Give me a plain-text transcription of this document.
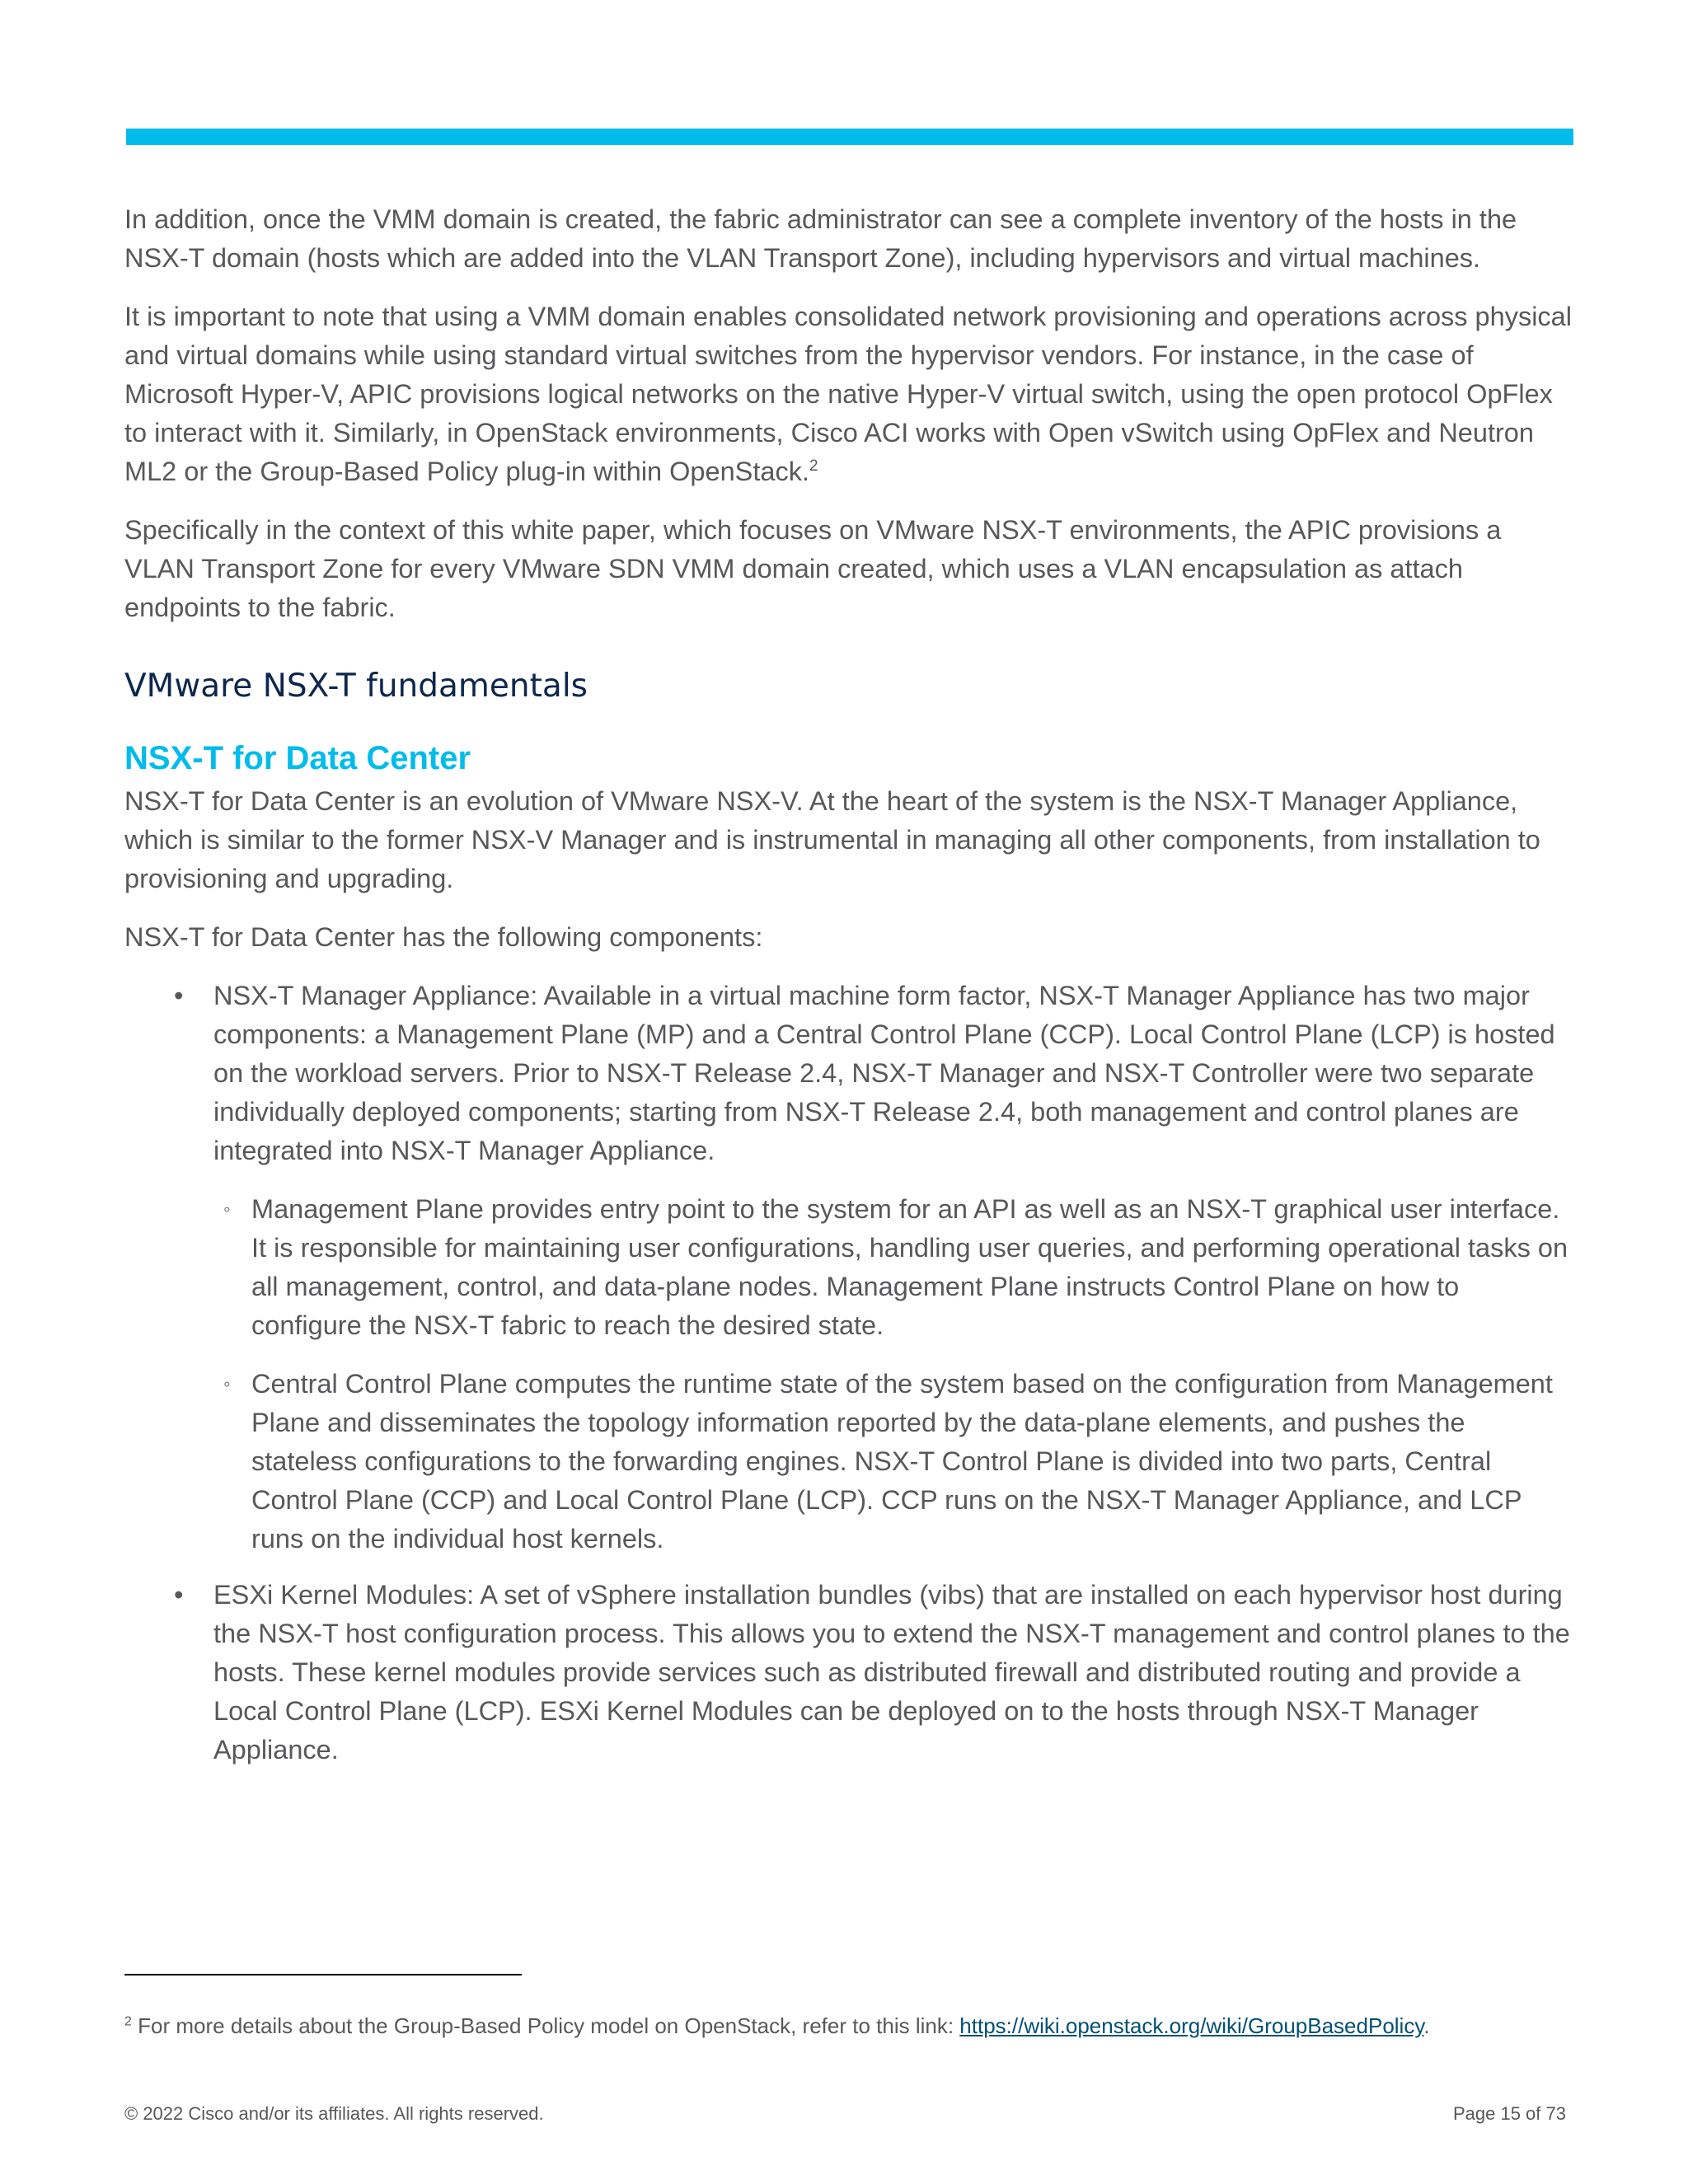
In addition, once the VMM domain is created, the fabric administrator can see a complete inventory of the hosts in the NSX-T domain (hosts which are added into the VLAN Transport Zone), including hypervisors and virtual machines.

It is important to note that using a VMM domain enables consolidated network provisioning and operations across physical and virtual domains while using standard virtual switches from the hypervisor vendors. For instance, in the case of Microsoft Hyper-V, APIC provisions logical networks on the native Hyper-V virtual switch, using the open protocol OpFlex to interact with it. Similarly, in OpenStack environments, Cisco ACI works with Open vSwitch using OpFlex and Neutron ML2 or the Group-Based Policy plug-in within OpenStack.$^2$

Specifically in the context of this white paper, which focuses on VMware NSX-T environments, the APIC provisions a VLAN Transport Zone for every VMware SDN VMM domain created, which uses a VLAN encapsulation as attach endpoints to the fabric.

VMware NSX-T fundamentals
NSX-T for Data Center

NSX-T for Data Center is an evolution of VMware NSX-V. At the heart of the system is the NSX-T Manager Appliance, which is similar to the former NSX-V Manager and is instrumental in managing all other components, from installation to provisioning and upgrading.

NSX-T for Data Center has the following components:

• NSX-T Manager Appliance: Available in a virtual machine form factor, NSX-T Manager Appliance has two major components: a Management Plane (MP) and a Central Control Plane (CCP). Local Control Plane (LCP) is hosted on the workload servers. Prior to NSX-T Release 2.4, NSX-T Manager and NSX-T Controller were two separate individually deployed components; starting from NSX-T Release 2.4, both management and control planes are integrated into NSX-T Manager Appliance.
◦ Management Plane provides entry point to the system for an API as well as an NSX-T graphical user interface. It is responsible for maintaining user configurations, handling user queries, and performing operational tasks on all management, control, and data-plane nodes. Management Plane instructs Control Plane on how to configure the NSX-T fabric to reach the desired state.
◦ Central Control Plane computes the runtime state of the system based on the configuration from Management Plane and disseminates the topology information reported by the data-plane elements, and pushes the stateless configurations to the forwarding engines. NSX-T Control Plane is divided into two parts, Central Control Plane (CCP) and Local Control Plane (LCP). CCP runs on the NSX-T Manager Appliance, and LCP runs on the individual host kernels.
• ESXi Kernel Modules: A set of vSphere installation bundles (vibs) that are installed on each hypervisor host during the NSX-T host configuration process. This allows you to extend the NSX-T management and control planes to the hosts. These kernel modules provide services such as distributed firewall and distributed routing and provide a Local Control Plane (LCP). ESXi Kernel Modules can be deployed on to the hosts through NSX-T Manager Appliance.
$^2$ For more details about the Group-Based Policy model on OpenStack, refer to this link: https://wiki.openstack.org/wiki/GroupBasedPolicy.
© 2022 Cisco and/or its affiliates. All rights reserved.	Page 15 of 73
